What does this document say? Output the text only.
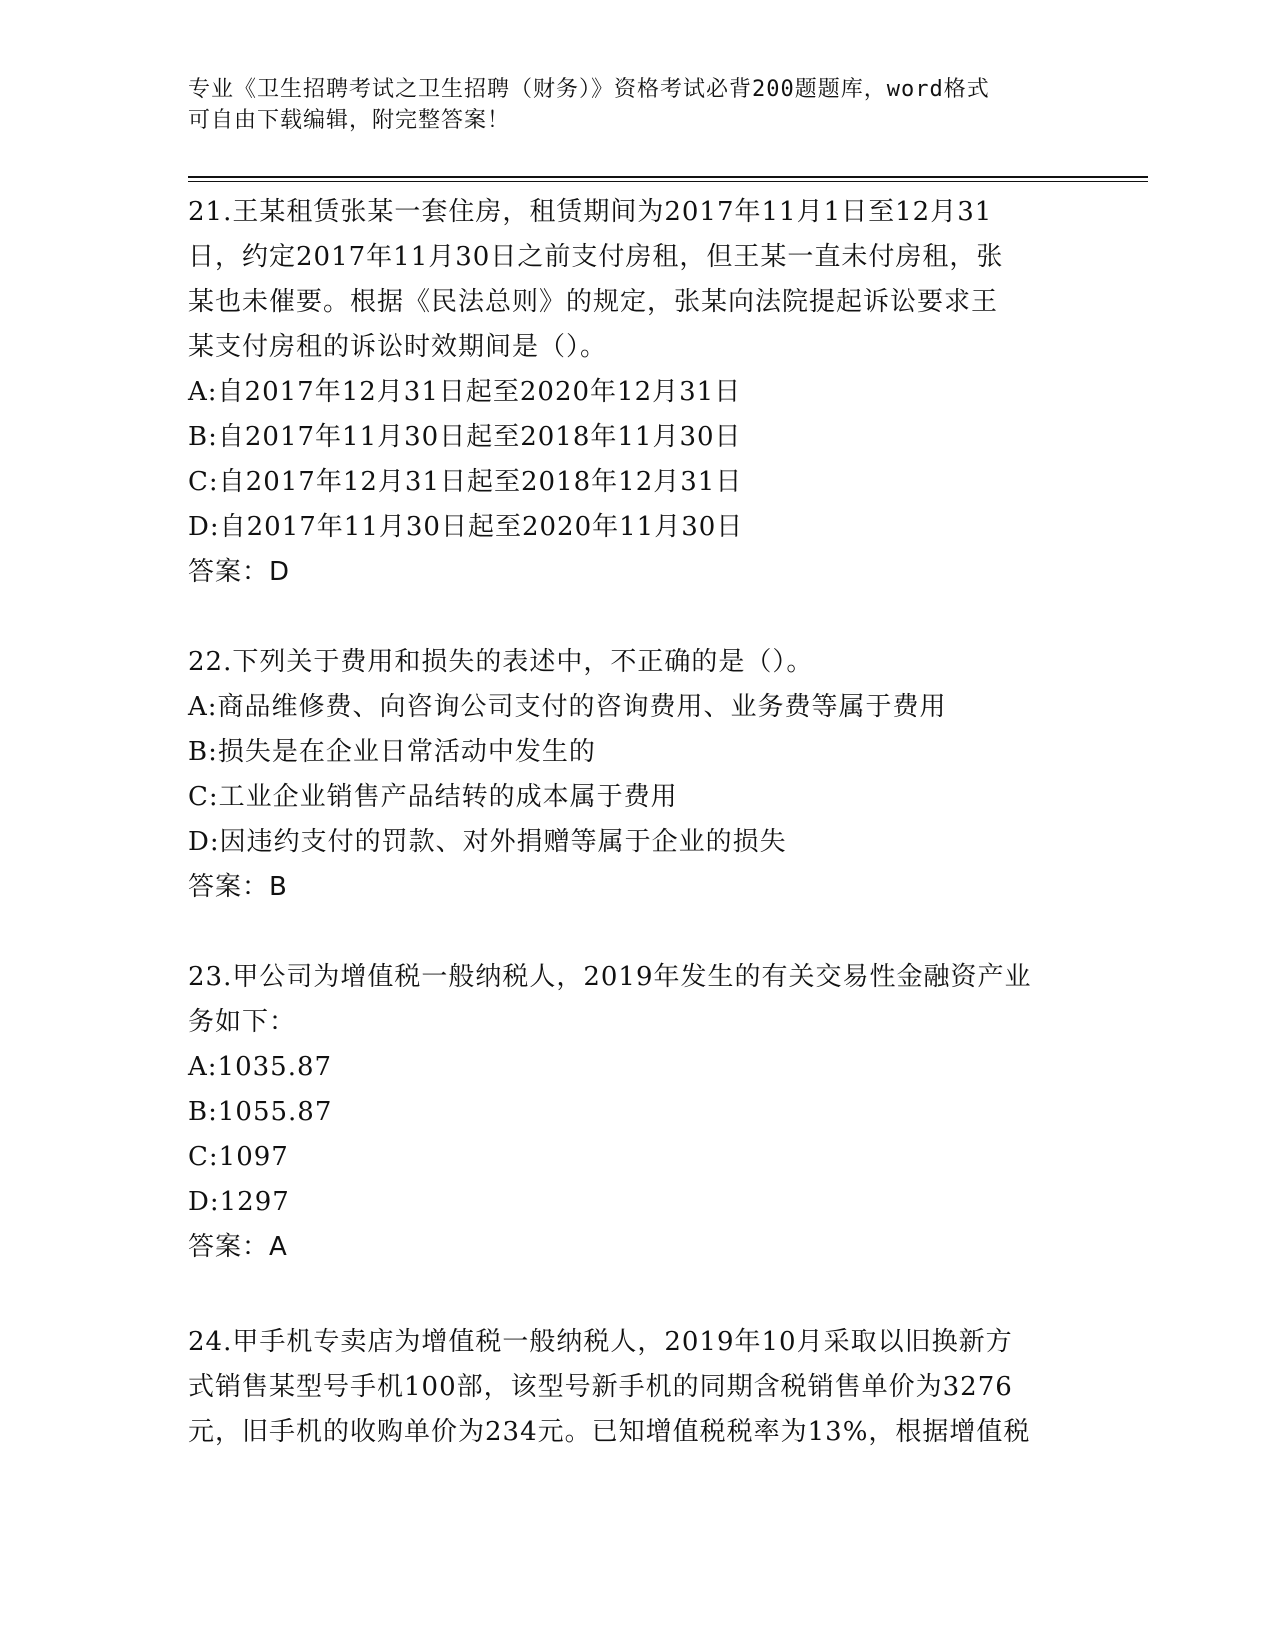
专业《卫生招聘考试之卫生招聘（财务）》资格考试必背200题题库，word格式
可自由下载编辑，附完整答案！
21.王某租赁张某一套住房，租赁期间为2017年11月1日至12月31
日，约定2017年11月30日之前支付房租，但王某一直未付房租，张
某也未催要。根据《民法总则》的规定，张某向法院提起诉讼要求王
某支付房租的诉讼时效期间是（）。
A:自2017年12月31日起至2020年12月31日
B:自2017年11月30日起至2018年11月30日
C:自2017年12月31日起至2018年12月31日
D:自2017年11月30日起至2020年11月30日
答案：D
22.下列关于费用和损失的表述中，不正确的是（）。
A:商品维修费、向咨询公司支付的咨询费用、业务费等属于费用
B:损失是在企业日常活动中发生的
C:工业企业销售产品结转的成本属于费用
D:因违约支付的罚款、对外捐赠等属于企业的损失
答案：B
23.甲公司为增值税一般纳税人，2019年发生的有关交易性金融资产业
务如下：
A:1035.87
B:1055.87
C:1097
D:1297
答案：A
24.甲手机专卖店为增值税一般纳税人，2019年10月采取以旧换新方
式销售某型号手机100部，该型号新手机的同期含税销售单价为3276
元，旧手机的收购单价为234元。已知增值税税率为13%，根据增值税
